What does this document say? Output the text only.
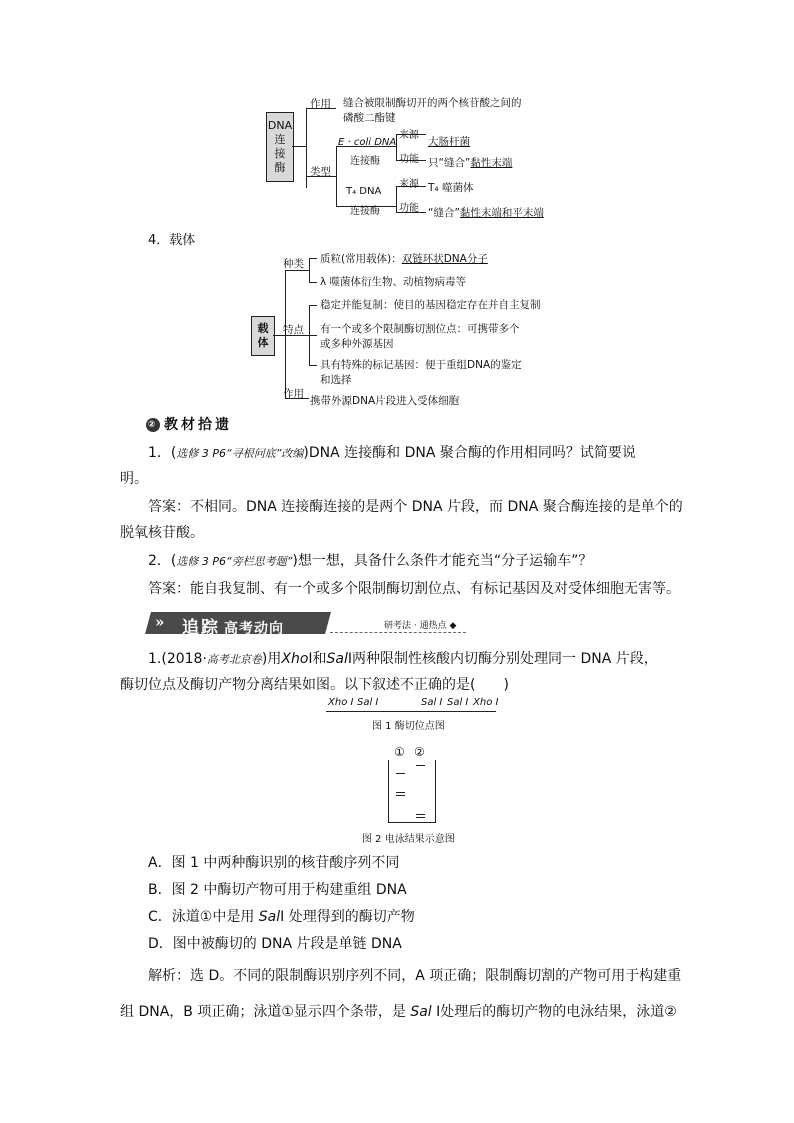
DNA
连
接
酶
作用
类型
缝合被限制酶切开的两个核苷酸之间的
磷酸二酯键
E · coli DNA
连接酶
来源
功能
大肠杆菌
只“缝合”黏性末端
T₄ DNA
连接酶
来源
功能
T₄ 噬菌体
“缝合”黏性末端和平末端
4．载体
载
体
种类
特点
作用
质粒(常用载体)：双链环状DNA分子
λ 噬菌体衍生物、动植物病毒等
稳定并能复制：使目的基因稳定存在并自主复制
有一个或多个限制酶切割位点：可携带多个
或多种外源基因
具有特殊的标记基因：便于重组DNA的鉴定
和选择
携带外源DNA片段进入受体细胞
② 教材拾遗
1．(选修 3 P6“寻根问底”改编)DNA 连接酶和 DNA 聚合酶的作用相同吗？试简要说
明。
答案：不相同。DNA 连接酶连接的是两个 DNA 片段，而 DNA 聚合酶连接的是单个的
脱氧核苷酸。
2．(选修 3 P6“旁栏思考题”)想一想，具备什么条件才能充当“分子运输车”？
答案：能自我复制、有一个或多个限制酶切割位点、有标记基因及对受体细胞无害等。
» 追踪 高考动向	研考法 · 通热点 ◆
1.(2018·高考北京卷)用XhoⅠ和SalⅠ两种限制性核酸内切酶分别处理同一 DNA 片段，
酶切位点及酶切产物分离结果如图。以下叙述不正确的是(　　)
Xho Ⅰ Sal Ⅰ	Sal Ⅰ Sal Ⅰ Xho Ⅰ
图 1 酶切位点图
① ②
图 2 电泳结果示意图
A．图 1 中两种酶识别的核苷酸序列不同
B．图 2 中酶切产物可用于构建重组 DNA
C．泳道①中是用 SalⅠ 处理得到的酶切产物
D．图中被酶切的 DNA 片段是单链 DNA
解析：选 D。不同的限制酶识别序列不同，A 项正确；限制酶切割的产物可用于构建重
组 DNA，B 项正确；泳道①显示四个条带，是 Sal Ⅰ处理后的酶切产物的电泳结果，泳道②
